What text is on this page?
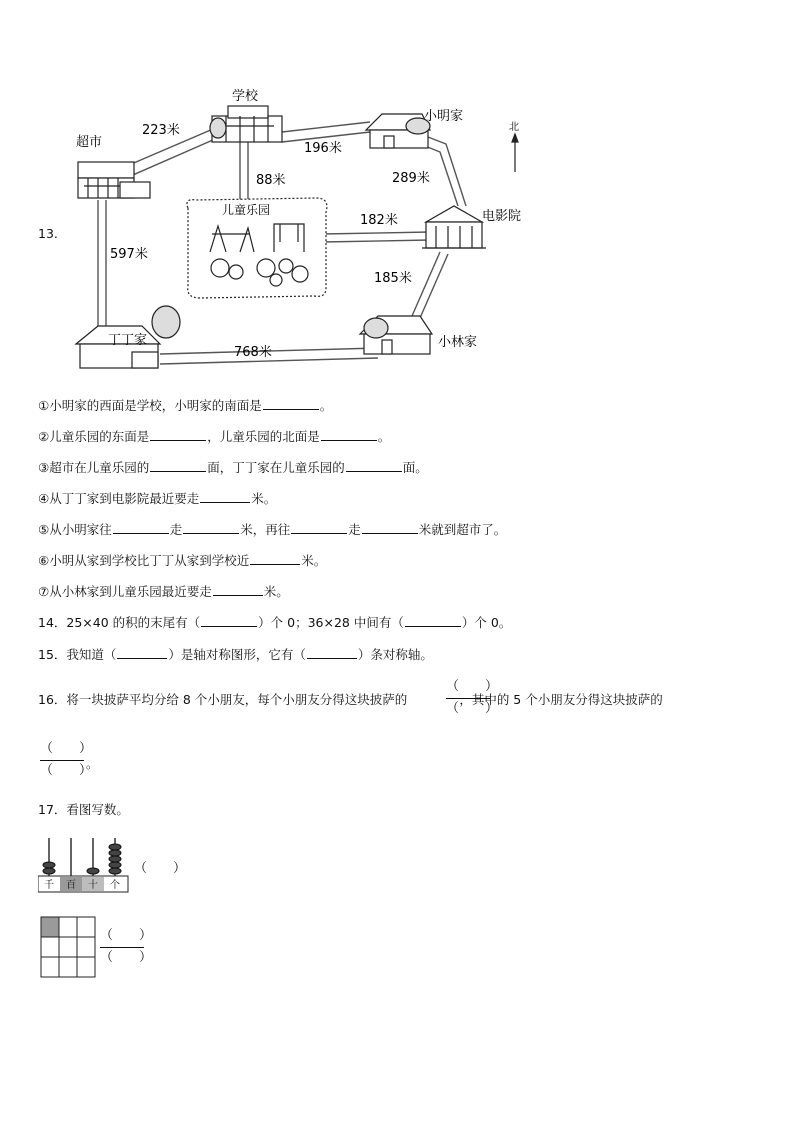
13.
学校
超市
小明家
北
电影院
儿童乐园
丁丁家	小林家
223米
196米
88米	289米
182米
597米
185米
768米
①小明家的西面是学校，小明家的南面是	。
②儿童乐园的东面是	，儿童乐园的北面是	。
③超市在儿童乐园的	面，丁丁家在儿童乐园的	面。
④从丁丁家到电影院最近要走	米。
⑤从小明家往	走	米，再往	走	米就到超市了。
⑥小明从家到学校比丁丁从家到学校近	米。
⑦从小林家到儿童乐园最近要走	米。
14．25×40 的积的末尾有（	）个 0；36×28 中间有（	）个 0。
15．我知道（	）是轴对称图形，它有（	）条对称轴。
16．将一块披萨平均分给 8 个小朋友，每个小朋友分得这块披萨的	，其中的 5 个小朋友分得这块披萨的
（　　）
（　　）
（　　）
（　　）
。
17．看图写数。
千 百 十 个
（　　）
（　　）
（　　）
